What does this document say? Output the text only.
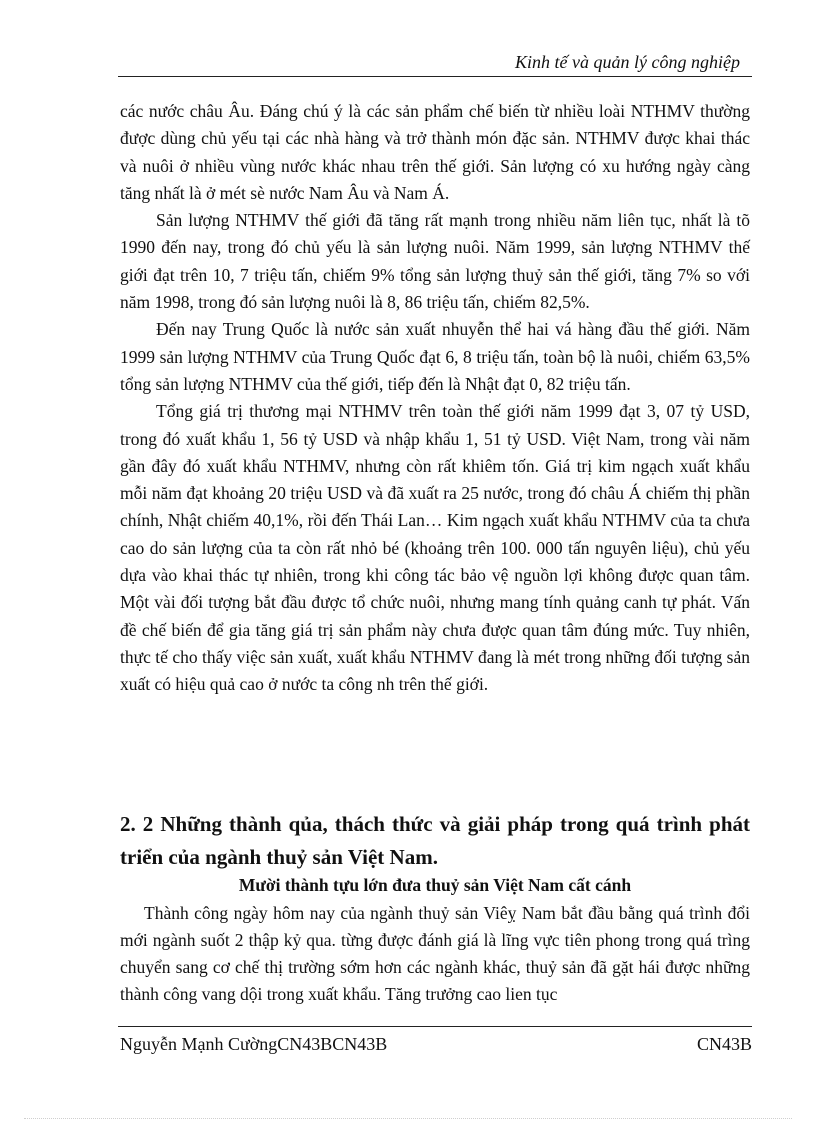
Kinh tế và quản lý công nghiệp

các nước châu Âu. Đáng chú ý là các sản phẩm chế biến từ nhiều loài NTHMV thường được dùng chủ yếu tại các nhà hàng và trở thành món đặc sản. NTHMV được khai thác và nuôi ở nhiều vùng nước khác nhau trên thế giới. Sản lượng có xu hướng ngày càng tăng nhất là ở mét sè nước Nam Âu và Nam Á.

Sản lượng NTHMV thế giới đã tăng rất mạnh trong nhiều năm liên tục, nhất là tõ 1990 đến nay, trong đó chủ yếu là sản lượng nuôi. Năm 1999, sản lượng NTHMV thế giới đạt trên 10, 7 triệu tấn, chiếm 9% tổng sản lượng thuỷ sản thế giới, tăng 7% so với năm 1998, trong đó sản lượng nuôi là 8, 86 triệu tấn, chiếm 82,5%.

Đến nay Trung Quốc là nước sản xuất nhuyễn thể hai vá hàng đầu thế giới. Năm 1999 sản lượng NTHMV của Trung Quốc đạt 6, 8 triệu tấn, toàn bộ là nuôi, chiếm 63,5% tổng sản lượng NTHMV của thế giới, tiếp đến là Nhật đạt 0, 82 triệu tấn.

Tổng giá trị thương mại NTHMV trên toàn thế giới năm 1999 đạt 3, 07 tỷ USD, trong đó xuất khẩu 1, 56 tỷ USD và nhập khẩu 1, 51 tỷ USD. Việt Nam, trong vài năm gần đây đó xuất khẩu NTHMV, nhưng còn rất khiêm tốn. Giá trị kim ngạch xuất khẩu mỗi năm đạt khoảng 20 triệu USD và đã xuất ra 25 nước, trong đó châu Á chiếm thị phần chính, Nhật chiếm 40,1%, rồi đến Thái Lan… Kim ngạch xuất khẩu NTHMV của ta chưa cao do sản lượng của ta còn rất nhỏ bé (khoảng trên 100. 000 tấn nguyên liệu), chủ yếu dựa vào khai thác tự nhiên, trong khi công tác bảo vệ nguồn lợi không được quan tâm. Một vài đối tượng bắt đầu được tổ chức nuôi, nhưng mang tính quảng canh tự phát. Vấn đề chế biến để gia tăng giá trị sản phẩm này chưa được quan tâm đúng mức. Tuy nhiên, thực tế cho thấy việc sản xuất, xuất khẩu NTHMV đang là mét trong những đối tượng sản xuất có hiệu quả cao ở nước ta công nh trên thế giới.

2. 2 Những thành qủa, thách thức và giải pháp trong quá trình phát triển của ngành thuỷ sản Việt Nam.
Mười thành tựu lớn đưa thuỷ sản Việt Nam cất cánh

Thành công ngày hôm nay của ngành thuỷ sản Viêỵ Nam bắt đầu bằng quá trình đổi mới ngành suốt 2 thập kỷ qua. từng được đánh giá là lĩng vực tiên phong trong quá trìng chuyển sang cơ chế thị trường sớm hơn các ngành khác, thuỷ sản đã gặt hái được những thành công vang dội trong xuất khẩu. Tăng trưởng cao lien tục

Nguyễn Mạnh CườngCN43BCN43B	CN43B
